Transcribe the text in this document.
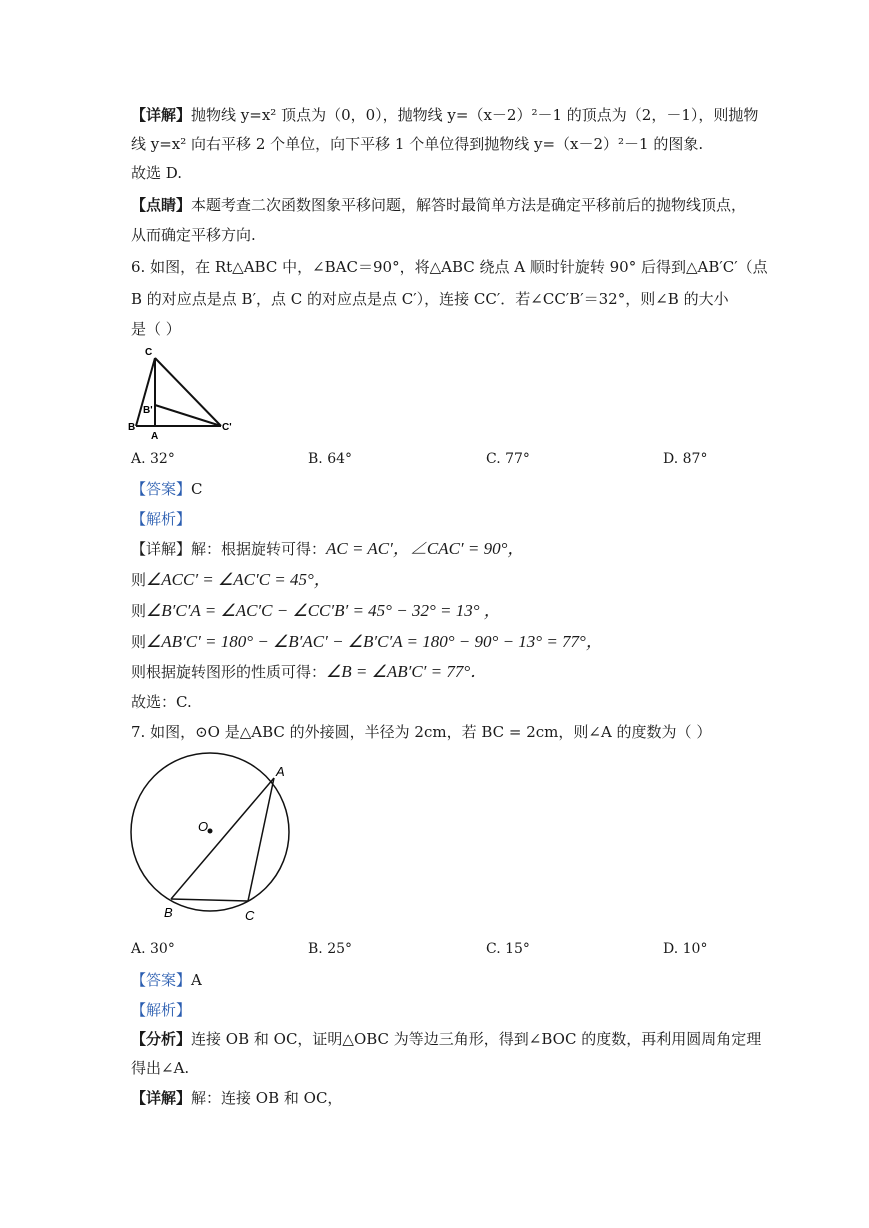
【详解】抛物线 y=x² 顶点为（0，0），抛物线 y=（x－2）²－1 的顶点为（2，－1），则抛物
线 y=x² 向右平移 2 个单位，向下平移 1 个单位得到抛物线 y=（x－2）²－1 的图象.
故选 D.
【点睛】本题考查二次函数图象平移问题，解答时最简单方法是确定平移前后的抛物线顶点，
从而确定平移方向.
6. 如图，在 Rt△ABC 中，∠BAC＝90°，将△ABC 绕点 A 顺时针旋转 90° 后得到△AB′C′（点
B 的对应点是点 B′，点 C 的对应点是点 C′），连接 CC′．若∠CC′B′＝32°，则∠B 的大小
是（ ）
C
B'
B
A
C'
A. 32°	B. 64°	C. 77°	D. 87°
【答案】C
【解析】
【详解】解：根据旋转可得：AC = AC′，∠CAC′ = 90°，
则∠ACC′ = ∠AC′C = 45°，
则∠B′C′A = ∠AC′C − ∠CC′B′ = 45° − 32° = 13° ，
则∠AB′C′ = 180° − ∠B′AC′ − ∠B′C′A = 180° − 90° − 13° = 77°，
则根据旋转图形的性质可得：∠B = ∠AB′C′ = 77°．
故选：C.
7. 如图，⊙O 是△ABC 的外接圆，半径为 2cm，若 BC = 2cm，则∠A 的度数为（ ）
A
O
B	C
A. 30°	B. 25°	C. 15°	D. 10°
【答案】A
【解析】
【分析】连接 OB 和 OC，证明△OBC 为等边三角形，得到∠BOC 的度数，再利用圆周角定理
得出∠A.
【详解】解：连接 OB 和 OC，
